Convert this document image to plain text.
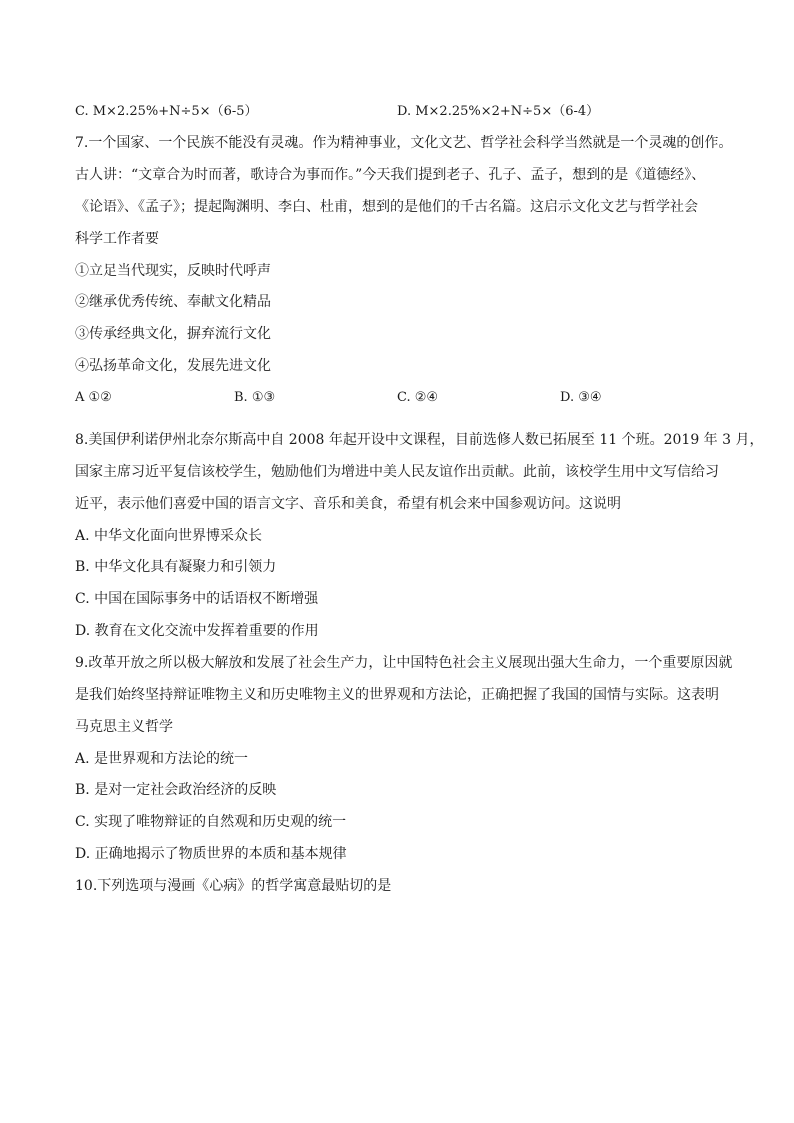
C. M×2.25%+N÷5×（6-5）	D. M×2.25%×2+N÷5×（6-4）
7.一个国家、一个民族不能没有灵魂。作为精神事业，文化文艺、哲学社会科学当然就是一个灵魂的创作。
古人讲：“文章合为时而著，歌诗合为事而作。”今天我们提到老子、孔子、孟子，想到的是《道德经》、
《论语》、《孟子》；提起陶渊明、李白、杜甫，想到的是他们的千古名篇。这启示文化文艺与哲学社会
科学工作者要
①立足当代现实，反映时代呼声
②继承优秀传统、奉献文化精品
③传承经典文化，摒弃流行文化
④弘扬革命文化，发展先进文化
A ①②	B. ①③	C. ②④	D. ③④
8.美国伊利诺伊州北奈尔斯高中自 2008 年起开设中文课程，目前选修人数已拓展至 11 个班。2019 年 3 月，
国家主席习近平复信该校学生，勉励他们为增进中美人民友谊作出贡献。此前，该校学生用中文写信给习
近平，表示他们喜爱中国的语言文字、音乐和美食，希望有机会来中国参观访问。这说明
A. 中华文化面向世界博采众长
B. 中华文化具有凝聚力和引领力
C. 中国在国际事务中的话语权不断增强
D. 教育在文化交流中发挥着重要的作用
9.改革开放之所以极大解放和发展了社会生产力，让中国特色社会主义展现出强大生命力，一个重要原因就
是我们始终坚持辩证唯物主义和历史唯物主义的世界观和方法论，正确把握了我国的国情与实际。这表明
马克思主义哲学
A. 是世界观和方法论的统一
B. 是对一定社会政治经济的反映
C. 实现了唯物辩证的自然观和历史观的统一
D. 正确地揭示了物质世界的本质和基本规律
10.下列选项与漫画《心病》的哲学寓意最贴切的是
